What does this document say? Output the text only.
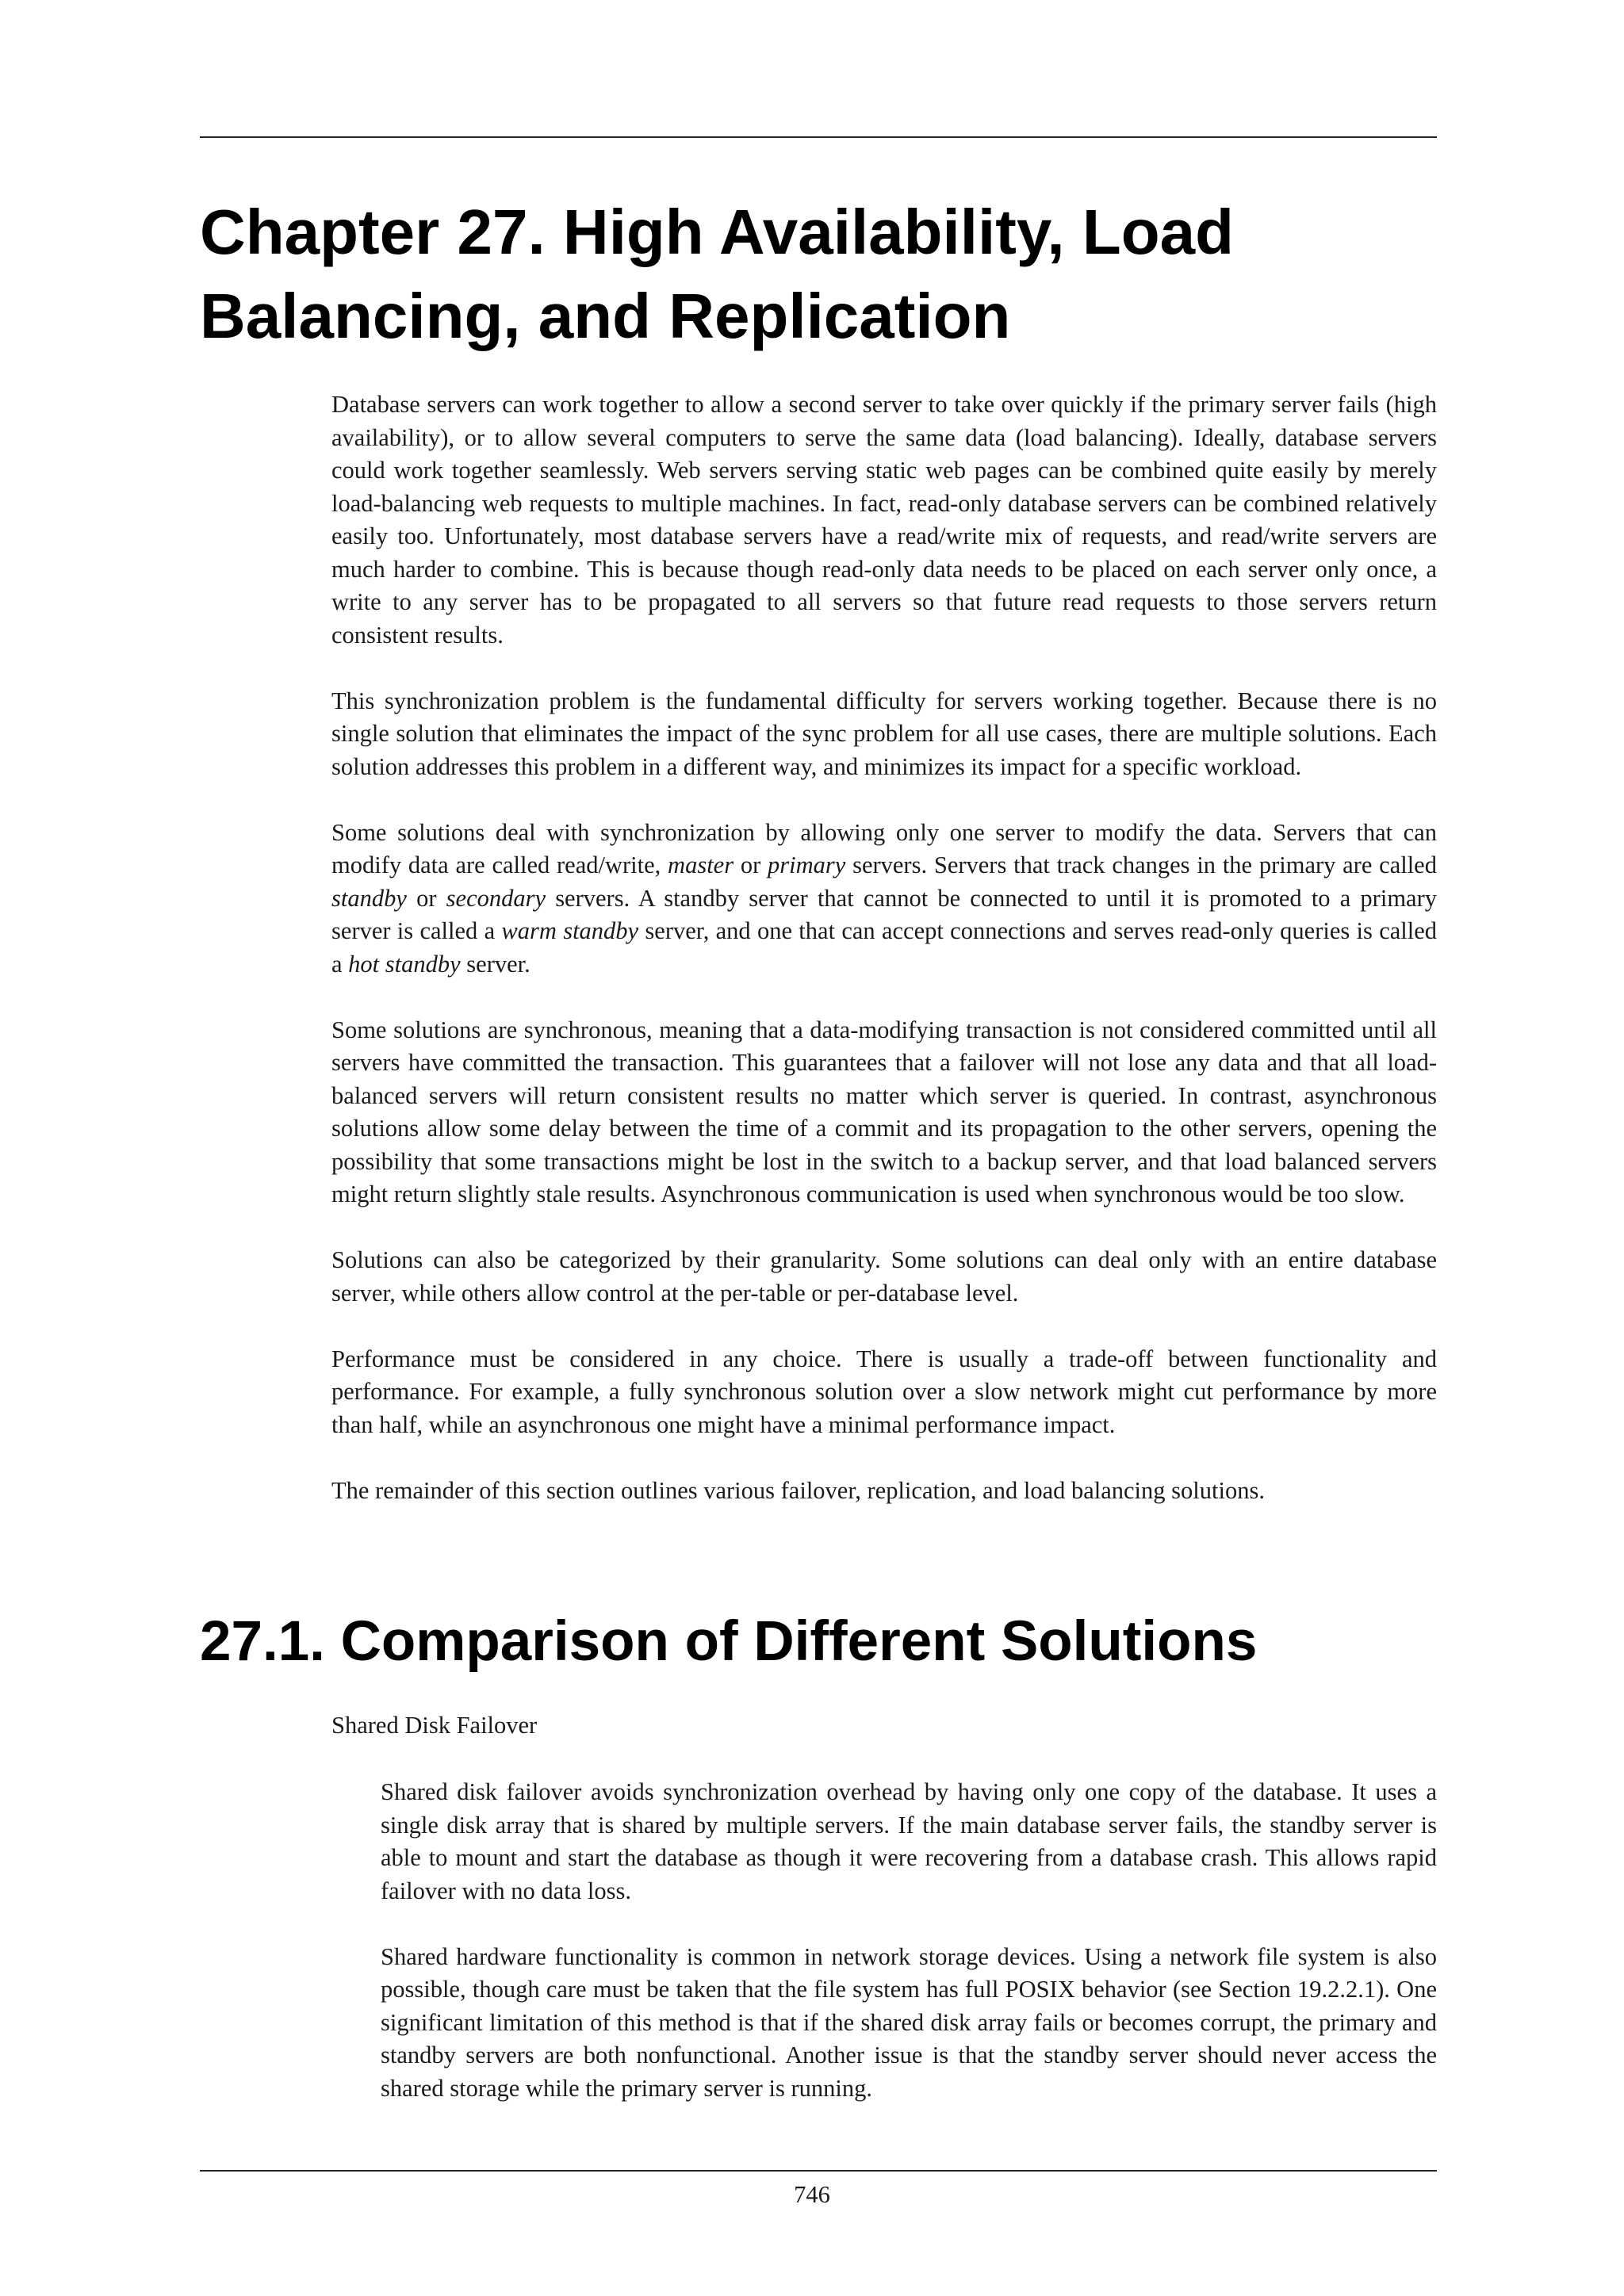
Chapter 27. High Availability, Load Balancing, and Replication

Database servers can work together to allow a second server to take over quickly if the primary server fails (high availability), or to allow several computers to serve the same data (load balancing). Ideally, database servers could work together seamlessly. Web servers serving static web pages can be combined quite easily by merely load-balancing web requests to multiple machines. In fact, read-only database servers can be combined relatively easily too. Unfortunately, most database servers have a read/write mix of requests, and read/write servers are much harder to combine. This is because though read-only data needs to be placed on each server only once, a write to any server has to be propagated to all servers so that future read requests to those servers return consistent results.

This synchronization problem is the fundamental difficulty for servers working together. Because there is no single solution that eliminates the impact of the sync problem for all use cases, there are multiple solutions. Each solution addresses this problem in a different way, and minimizes its impact for a specific workload.

Some solutions deal with synchronization by allowing only one server to modify the data. Servers that can modify data are called read/write, master or primary servers. Servers that track changes in the primary are called standby or secondary servers. A standby server that cannot be connected to until it is promoted to a primary server is called a warm standby server, and one that can accept connections and serves read-only queries is called a hot standby server.

Some solutions are synchronous, meaning that a data-modifying transaction is not considered committed until all servers have committed the transaction. This guarantees that a failover will not lose any data and that all load-balanced servers will return consistent results no matter which server is queried. In contrast, asynchronous solutions allow some delay between the time of a commit and its propagation to the other servers, opening the possibility that some transactions might be lost in the switch to a backup server, and that load balanced servers might return slightly stale results. Asynchronous communication is used when synchronous would be too slow.

Solutions can also be categorized by their granularity. Some solutions can deal only with an entire database server, while others allow control at the per-table or per-database level.

Performance must be considered in any choice. There is usually a trade-off between functionality and performance. For example, a fully synchronous solution over a slow network might cut performance by more than half, while an asynchronous one might have a minimal performance impact.

The remainder of this section outlines various failover, replication, and load balancing solutions.

27.1. Comparison of Different Solutions
Shared Disk Failover

Shared disk failover avoids synchronization overhead by having only one copy of the database. It uses a single disk array that is shared by multiple servers. If the main database server fails, the standby server is able to mount and start the database as though it were recovering from a database crash. This allows rapid failover with no data loss.

Shared hardware functionality is common in network storage devices. Using a network file system is also possible, though care must be taken that the file system has full POSIX behavior (see Section 19.2.2.1). One significant limitation of this method is that if the shared disk array fails or becomes corrupt, the primary and standby servers are both nonfunctional. Another issue is that the standby server should never access the shared storage while the primary server is running.

746
